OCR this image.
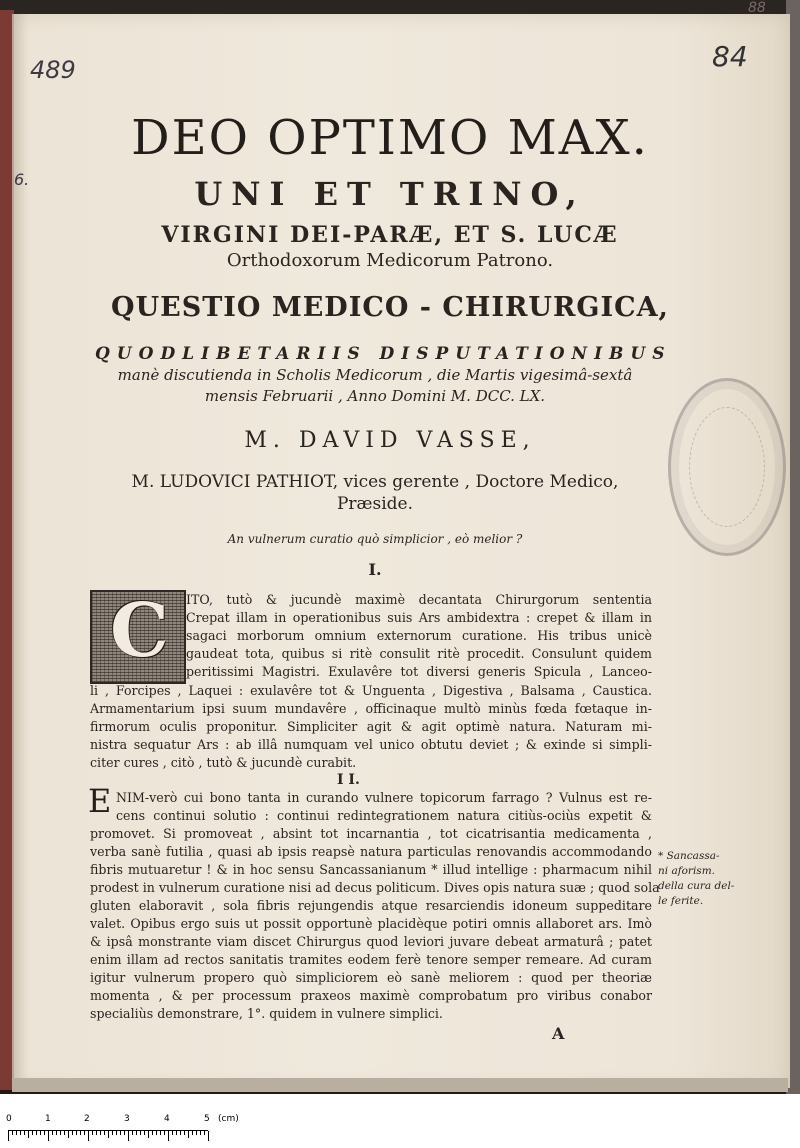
88
489	84
6.

DEO OPTIMO MAX.

UNI ET TRINO,

VIRGINI DEI-PARÆ, ET S. LUCÆ

Orthodoxorum Medicorum Patrono.

QUESTIO MEDICO - CHIRURGICA,

QUODLIBETARIIS DISPUTATIONIBUS

manè discutienda in Scholis Medicorum , die Martis vigesimâ-sextâ

mensis Februarii , Anno Domini M. DCC. LX.

M. DAVID VASSE,

M. LUDOVICI PATHIOT, vices gerente , Doctore Medico,

Præside.

An vulnerum curatio quò simplicior , eò melior ?

I.

C ITO, tutò & jucundè maximè decantata Chirurgorum sententia

Crepat illam in operationibus suis Ars ambidextra : crepet & illam in

sagaci morborum omnium externorum curatione. His tribus unicè

gaudeat tota, quibus si ritè consulit ritè procedit. Consulunt quidem

peritissimi Magistri. Exulavêre tot diversi generis Spicula , Lanceo-

li , Forcipes , Laquei : exulavêre tot & Unguenta , Digestiva , Balsama , Caustica.

Armamentarium ipsi suum mundavêre , officinaque multò minùs fœda fœtaque in-

firmorum oculis proponitur. Simpliciter agit & agit optimè natura. Naturam mi-

nistra sequatur Ars : ab illâ numquam vel unico obtutu deviet ; & exinde si simpli-

citer cures , citò , tutò & jucundè curabit.

I I.

E NIM-verò cui bono tanta in curando vulnere topicorum farrago ? Vulnus est re-

cens continui solutio : continui redintegrationem natura citiùs-ociùs expetit &

promovet. Si promoveat , absint tot incarnantia , tot cicatrisantia medicamenta ,

verba sanè futilia , quasi ab ipsis reapsè natura particulas renovandis accommodando

fibris mutuaretur ! & in hoc sensu Sancassanianum * illud intellige : pharmacum nihil

prodest in vulnerum curatione nisi ad decus politicum. Dives opis natura suæ ; quod sola

gluten elaboravit , sola fibris rejungendis atque resarciendis idoneum suppeditare

valet. Opibus ergo suis ut possit opportunè placidèque potiri omnis allaboret ars. Imò

& ipsâ monstrante viam discet Chirurgus quod leviori juvare debeat armaturâ ; patet

enim illam ad rectos sanitatis tramites eodem ferè tenore semper remeare. Ad curam

igitur vulnerum propero quò simpliciorem eò sanè meliorem : quod per theoriæ

momenta , & per processum praxeos maximè comprobatum pro viribus conabor

specialiùs demonstrare, 1°. quidem in vulnere simplici.

* Sancassa-

ni aforism.

della cura del-

le ferite.

A
0	1	2	3	4	5 (cm)
